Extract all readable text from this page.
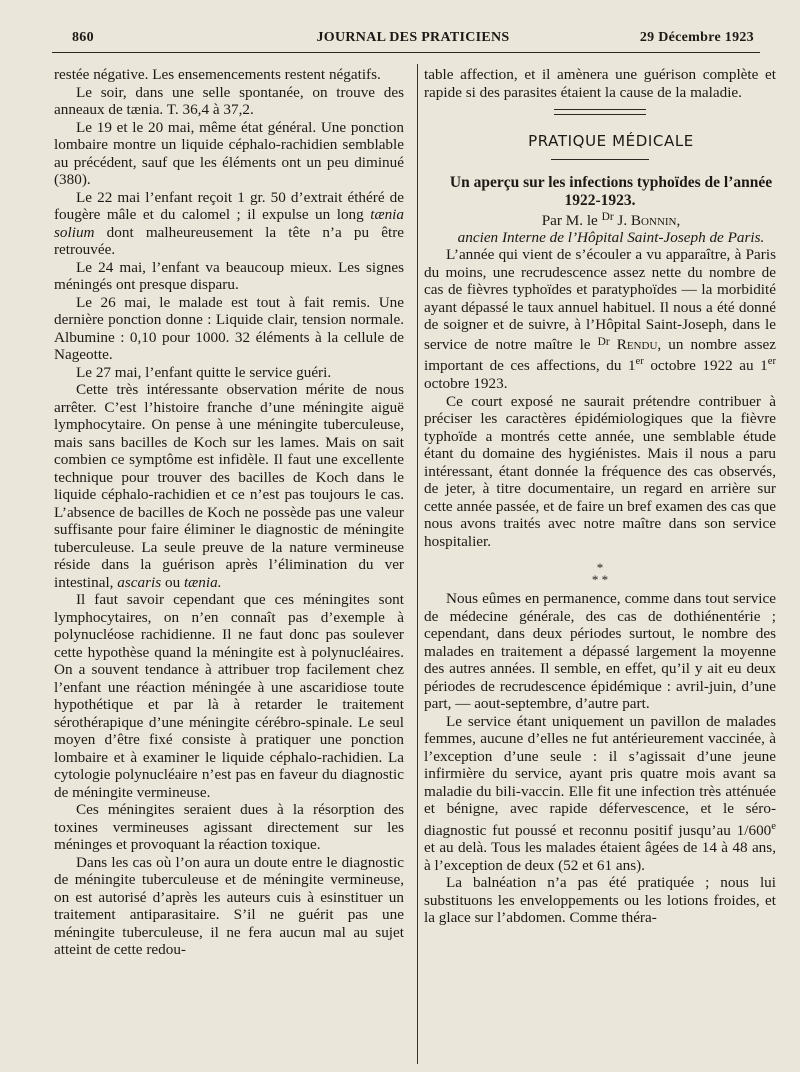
860	JOURNAL DES PRATICIENS	29 Décembre 1923

restée négative. Les ensemencements restent négatifs.

Le soir, dans une selle spontanée, on trouve des anneaux de tænia. T. 36,4 à 37,2.

Le 19 et le 20 mai, même état général. Une ponction lombaire montre un liquide céphalo-rachidien semblable au précédent, sauf que les éléments ont un peu diminué (380).

Le 22 mai l’enfant reçoit 1 gr. 50 d’extrait éthéré de fougère mâle et du calomel ; il expulse un long tænia solium dont malheureusement la tête n’a pu être retrouvée.

Le 24 mai, l’enfant va beaucoup mieux. Les signes méningés ont presque disparu.

Le 26 mai, le malade est tout à fait remis. Une dernière ponction donne : Liquide clair, tension normale. Albumine : 0,10 pour 1000. 32 éléments à la cellule de Nageotte.

Le 27 mai, l’enfant quitte le service guéri.

Cette très intéressante observation mérite de nous arrêter. C’est l’histoire franche d’une méningite aiguë lymphocytaire. On pense à une méningite tuberculeuse, mais sans bacilles de Koch sur les lames. Mais on sait combien ce symptôme est infidèle. Il faut une excellente technique pour trouver des bacilles de Koch dans le liquide céphalo-rachidien et ce n’est pas toujours le cas. L’absence de bacilles de Koch ne possède pas une valeur suffisante pour faire éliminer le diagnostic de méningite tuberculeuse. La seule preuve de la nature vermineuse réside dans la guérison après l’élimination du ver intestinal, ascaris ou tænia.

Il faut savoir cependant que ces méningites sont lymphocytaires, on n’en connaît pas d’exemple à polynucléose rachidienne. Il ne faut donc pas soulever cette hypothèse quand la méningite est à polynucléaires. On a souvent tendance à attribuer trop facilement chez l’enfant une réaction méningée à une ascaridiose toute hypothétique et par là à retarder le traitement sérothérapique d’une méningite cérébro-spinale. Le seul moyen d’être fixé consiste à pratiquer une ponction lombaire et à examiner le liquide céphalo-rachidien. La cytologie polynucléaire n’est pas en faveur du diagnostic de méningite vermineuse.

Ces méningites seraient dues à la résorption des toxines vermineuses agissant directement sur les méninges et provoquant la réaction toxique.

Dans les cas où l’on aura un doute entre le diagnostic de méningite tuberculeuse et de méningite vermineuse, on est autorisé d’après les auteurs cuis à esinstituer un traitement antiparasitaire. S’il ne guérit pas une méningite tuberculeuse, il ne fera aucun mal au sujet atteint de cette redou-

table affection, et il amènera une guérison complète et rapide si des parasites étaient la cause de la maladie.

PRATIQUE MÉDICALE

Un aperçu sur les infections typhoïdes de l’année 1922-1923.

Par M. le $^{Dr}$ J. Bonnin,

ancien Interne de l’Hôpital Saint-Joseph de Paris.

L’année qui vient de s’écouler a vu apparaître, à Paris du moins, une recrudescence assez nette du nombre de cas de fièvres typhoïdes et paratyphoïdes — la morbidité ayant dépassé le taux annuel habituel. Il nous a été donné de soigner et de suivre, à l’Hôpital Saint-Joseph, dans le service de notre maître le $^{Dr}$ Rendu, un nombre assez important de ces affections, du 1er octobre 1922 au 1er octobre 1923.

Ce court exposé ne saurait prétendre contribuer à préciser les caractères épidémiologiques que la fièvre typhoïde a montrés cette année, une semblable étude étant du domaine des hygiénistes. Mais il nous a paru intéressant, étant donnée la fréquence des cas observés, de jeter, à titre documentaire, un regard en arrière sur cette année passée, et de faire un bref examen des cas que nous avons traités avec notre maître dans son service hospitalier.

*
* *

Nous eûmes en permanence, comme dans tout service de médecine générale, des cas de dothiénentérie ; cependant, dans deux périodes surtout, le nombre des malades en traitement a dépassé largement la moyenne des autres années. Il semble, en effet, qu’il y ait eu deux périodes de recrudescence épidémique : avril-juin, d’une part, — aout-septembre, d’autre part.

Le service étant uniquement un pavillon de malades femmes, aucune d’elles ne fut antérieurement vaccinée, à l’exception d’une seule : il s’agissait d’une jeune infirmière du service, ayant pris quatre mois avant sa maladie du bili-vaccin. Elle fit une infection très atténuée et bénigne, avec rapide défervescence, et le séro-diagnostic fut poussé et reconnu positif jusqu’au 1/600e et au delà. Tous les malades étaient âgées de 14 à 48 ans, à l’exception de deux (52 et 61 ans).

La balnéation n’a pas été pratiquée ; nous lui substituons les enveloppements ou les lotions froides, et la glace sur l’abdomen. Comme théra-
